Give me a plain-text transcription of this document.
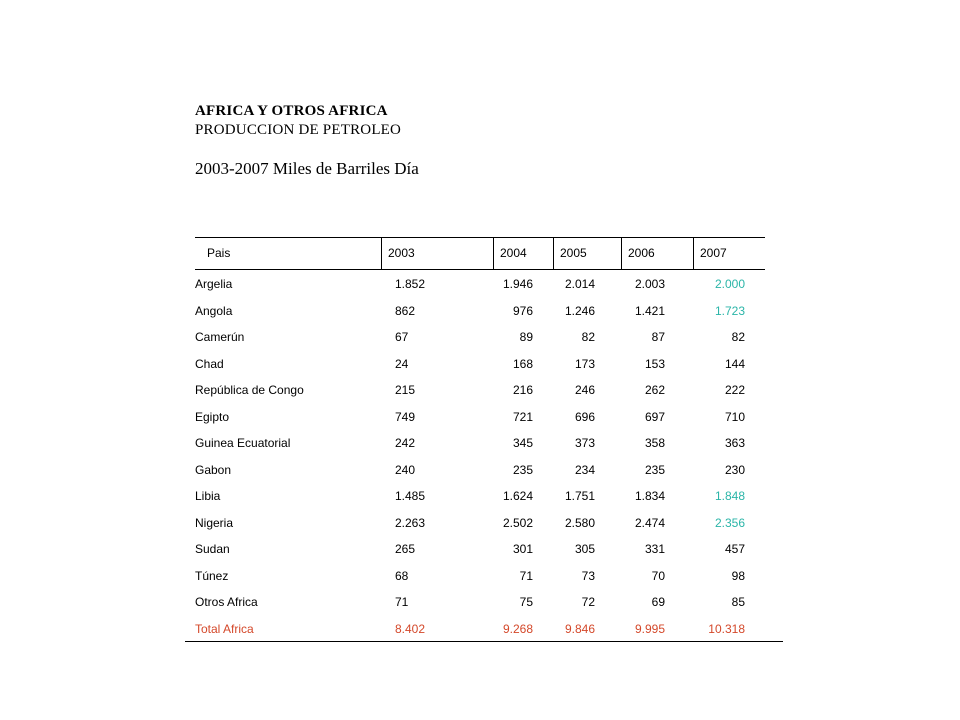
AFRICA Y OTROS AFRICA
PRODUCCION DE PETROLEO
2003-2007 Miles de Barriles Día
Pais	2003	2004	2005	2006	2007
Argelia	1.852	1.946	2.014	2.003	2.000
Angola	862	976	1.246	1.421	1.723
Camerún	67	89	82	87	82
Chad	24	168	173	153	144
República de Congo	215	216	246	262	222
Egipto	749	721	696	697	710
Guinea Ecuatorial	242	345	373	358	363
Gabon	240	235	234	235	230
Libia	1.485	1.624	1.751	1.834	1.848
Nigeria	2.263	2.502	2.580	2.474	2.356
Sudan	265	301	305	331	457
Túnez	68	71	73	70	98
Otros Africa	71	75	72	69	85
Total Africa	8.402	9.268	9.846	9.995	10.318
